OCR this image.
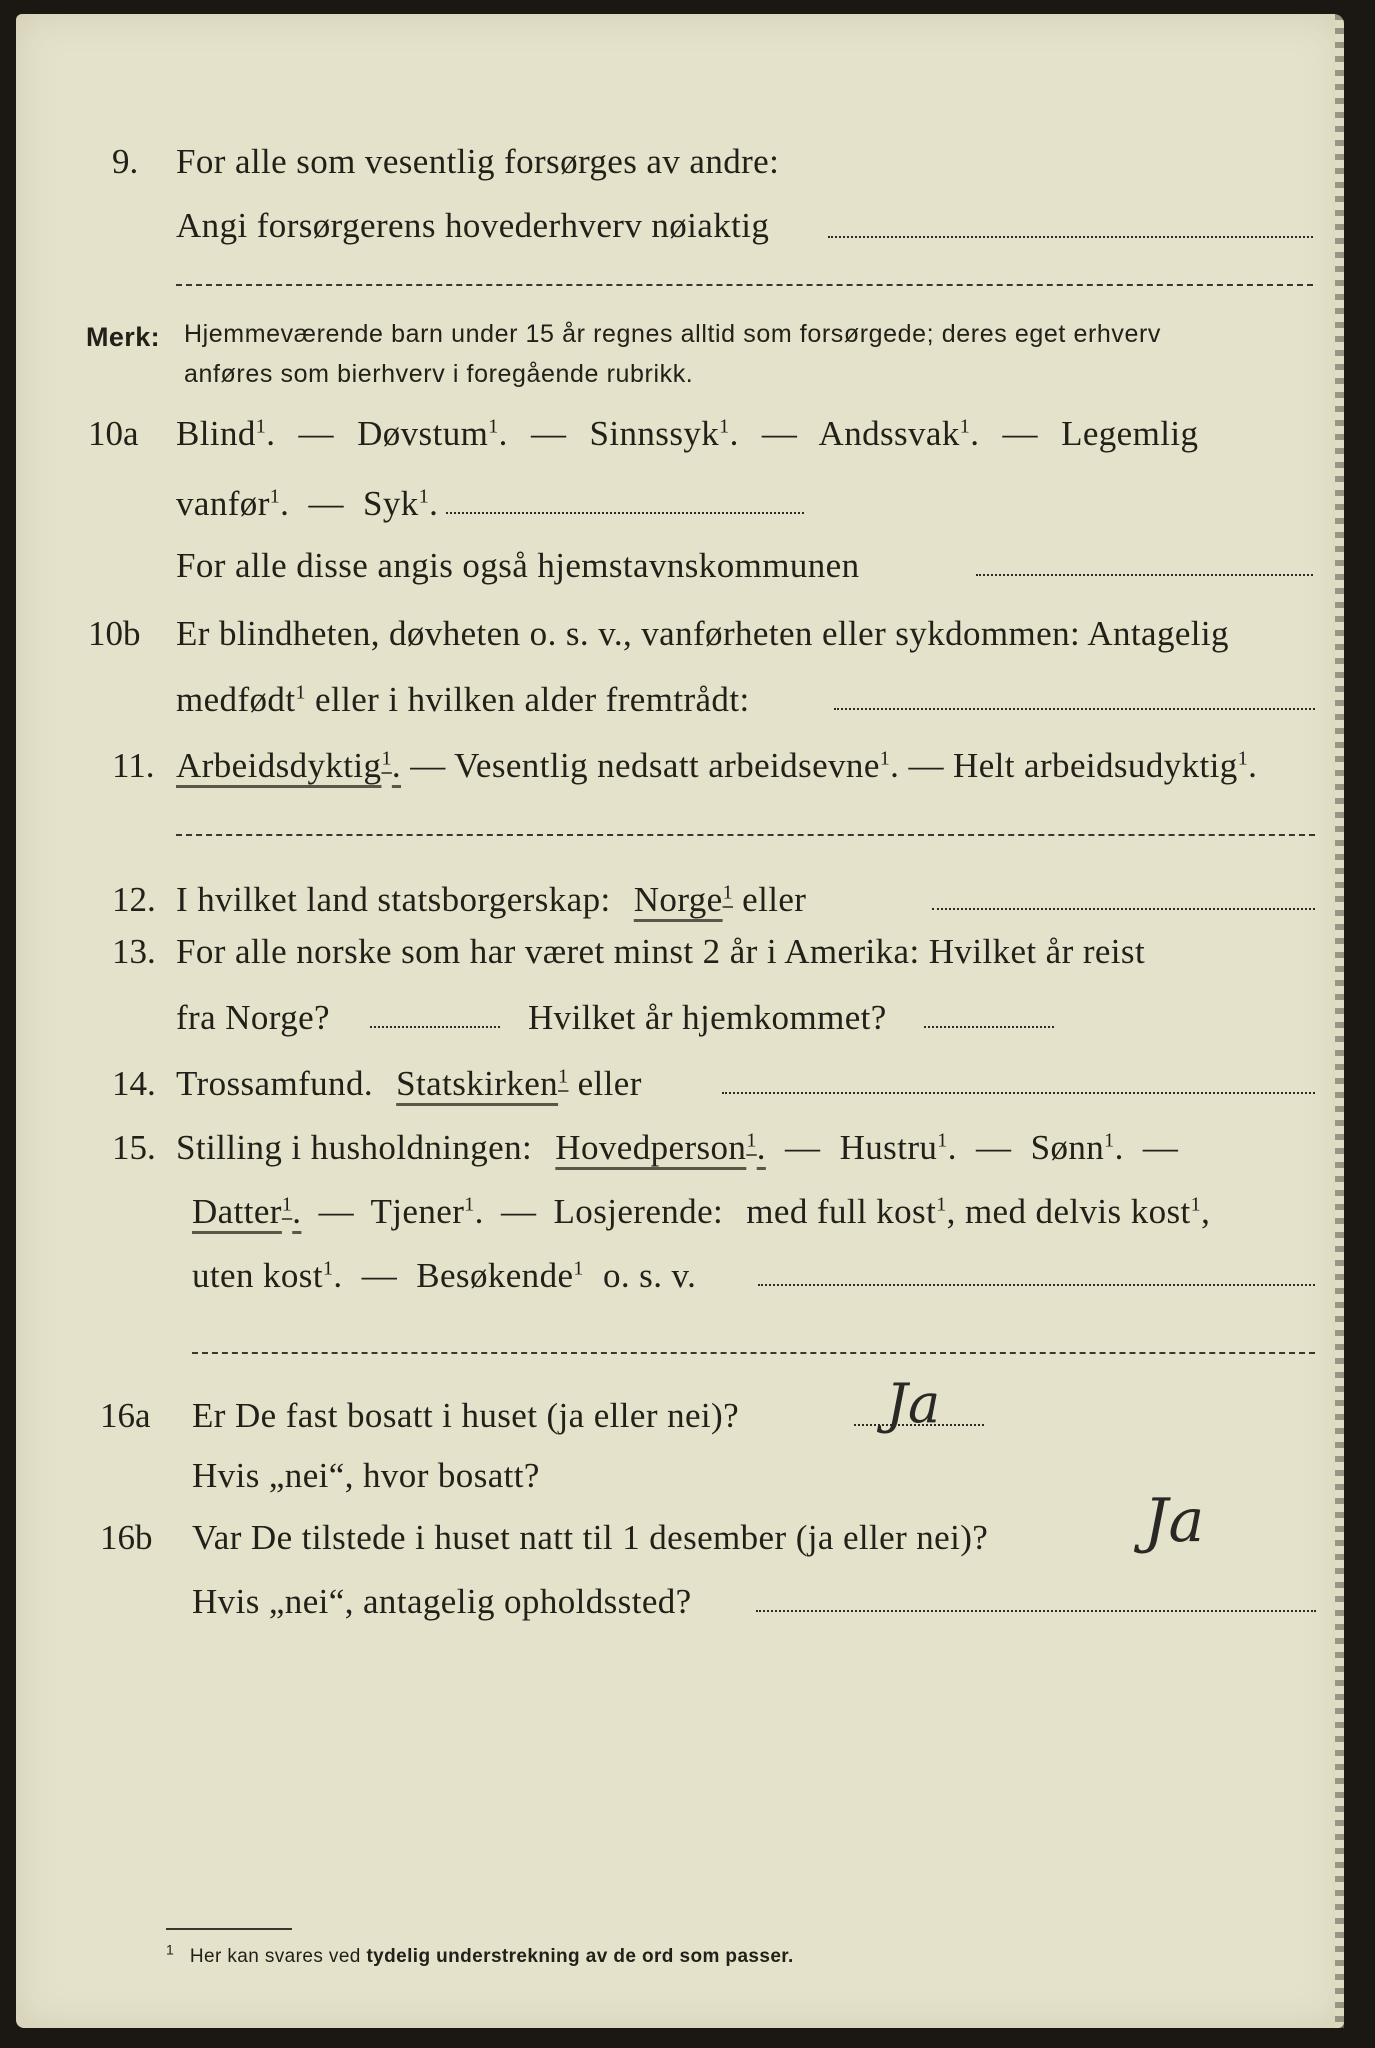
9. For alle som vesentlig forsørges av andre:
Angi forsørgerens hovederhverv nøiaktig
Merk: Hjemmeværende barn under 15 år regnes alltid som forsørgede; deres eget erhverv
anføres som bierhverv i foregående rubrikk.
10a Blind$^1$. — Døvstum$^1$. — Sinnssyk$^1$. — Andssvak$^1$. — Legemlig
vanfør$^1$. — Syk$^1$.
For alle disse angis også hjemstavnskommunen
10b Er blindheten, døvheten o. s. v., vanførheten eller sykdommen: Antagelig
medfødt$^1$ eller i hvilken alder fremtrådt:
11. Arbeidsdyktig$^1$. — Vesentlig nedsatt arbeidsevne$^1$. — Helt arbeidsudyktig$^1$.
12. I hvilket land statsborgerskap: Norge$^1$ eller
13. For alle norske som har været minst 2 år i Amerika: Hvilket år reist
fra Norge?	Hvilket år hjemkommet?
14. Trossamfund. Statskirken$^1$ eller
15. Stilling i husholdningen: Hovedperson$^1$. — Hustru$^1$. — Sønn$^1$. —
Datter$^1$. — Tjener$^1$. — Losjerende: med full kost$^1$, med delvis kost$^1$,
uten kost$^1$. — Besøkende$^1$ o. s. v.
16a Er De fast bosatt i huset (ja eller nei)?	Ja
Hvis „nei“, hvor bosatt?
16b Var De tilstede i huset natt til 1 desember (ja eller nei)?	Ja
Hvis „nei“, antagelig opholdssted?
$^1$ Her kan svares ved tydelig understrekning av de ord som passer.
